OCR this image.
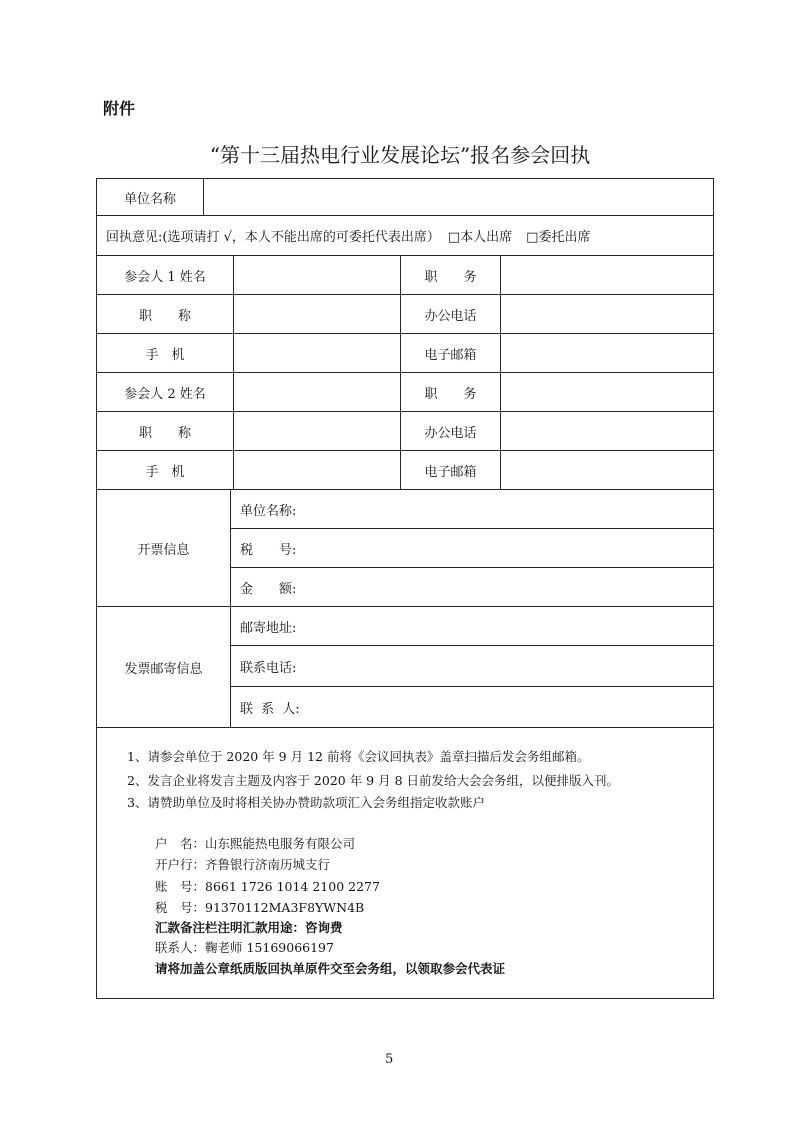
附件
“第十三届热电行业发展论坛”报名参会回执
单位名称
回执意见:(选项请打 √，本人不能出席的可委托代表出席） □本人出席 □委托出席
参会人 1 姓名	职　　务
职　　称	办公电话
手　机	电子邮箱
参会人 2 姓名	职　　务
职　　称	办公电话
手　机	电子邮箱
开票信息
单位名称:
税　　号:
金　　额:
发票邮寄信息
邮寄地址:
联系电话:
联 系 人:
1、请参会单位于 2020 年 9 月 12 前将《会议回执表》盖章扫描后发会务组邮箱。
2、发言企业将发言主题及内容于 2020 年 9 月 8 日前发给大会会务组，以便排版入刊。
3、请赞助单位及时将相关协办赞助款项汇入会务组指定收款账户
户　名：山东熙能热电服务有限公司
开户行：齐鲁银行济南历城支行
账　号：8661 1726 1014 2100 2277
税　号：91370112MA3F8YWN4B
汇款备注栏注明汇款用途：咨询费
联系人：鞠老师 15169066197
请将加盖公章纸质版回执单原件交至会务组，以领取参会代表证
5
